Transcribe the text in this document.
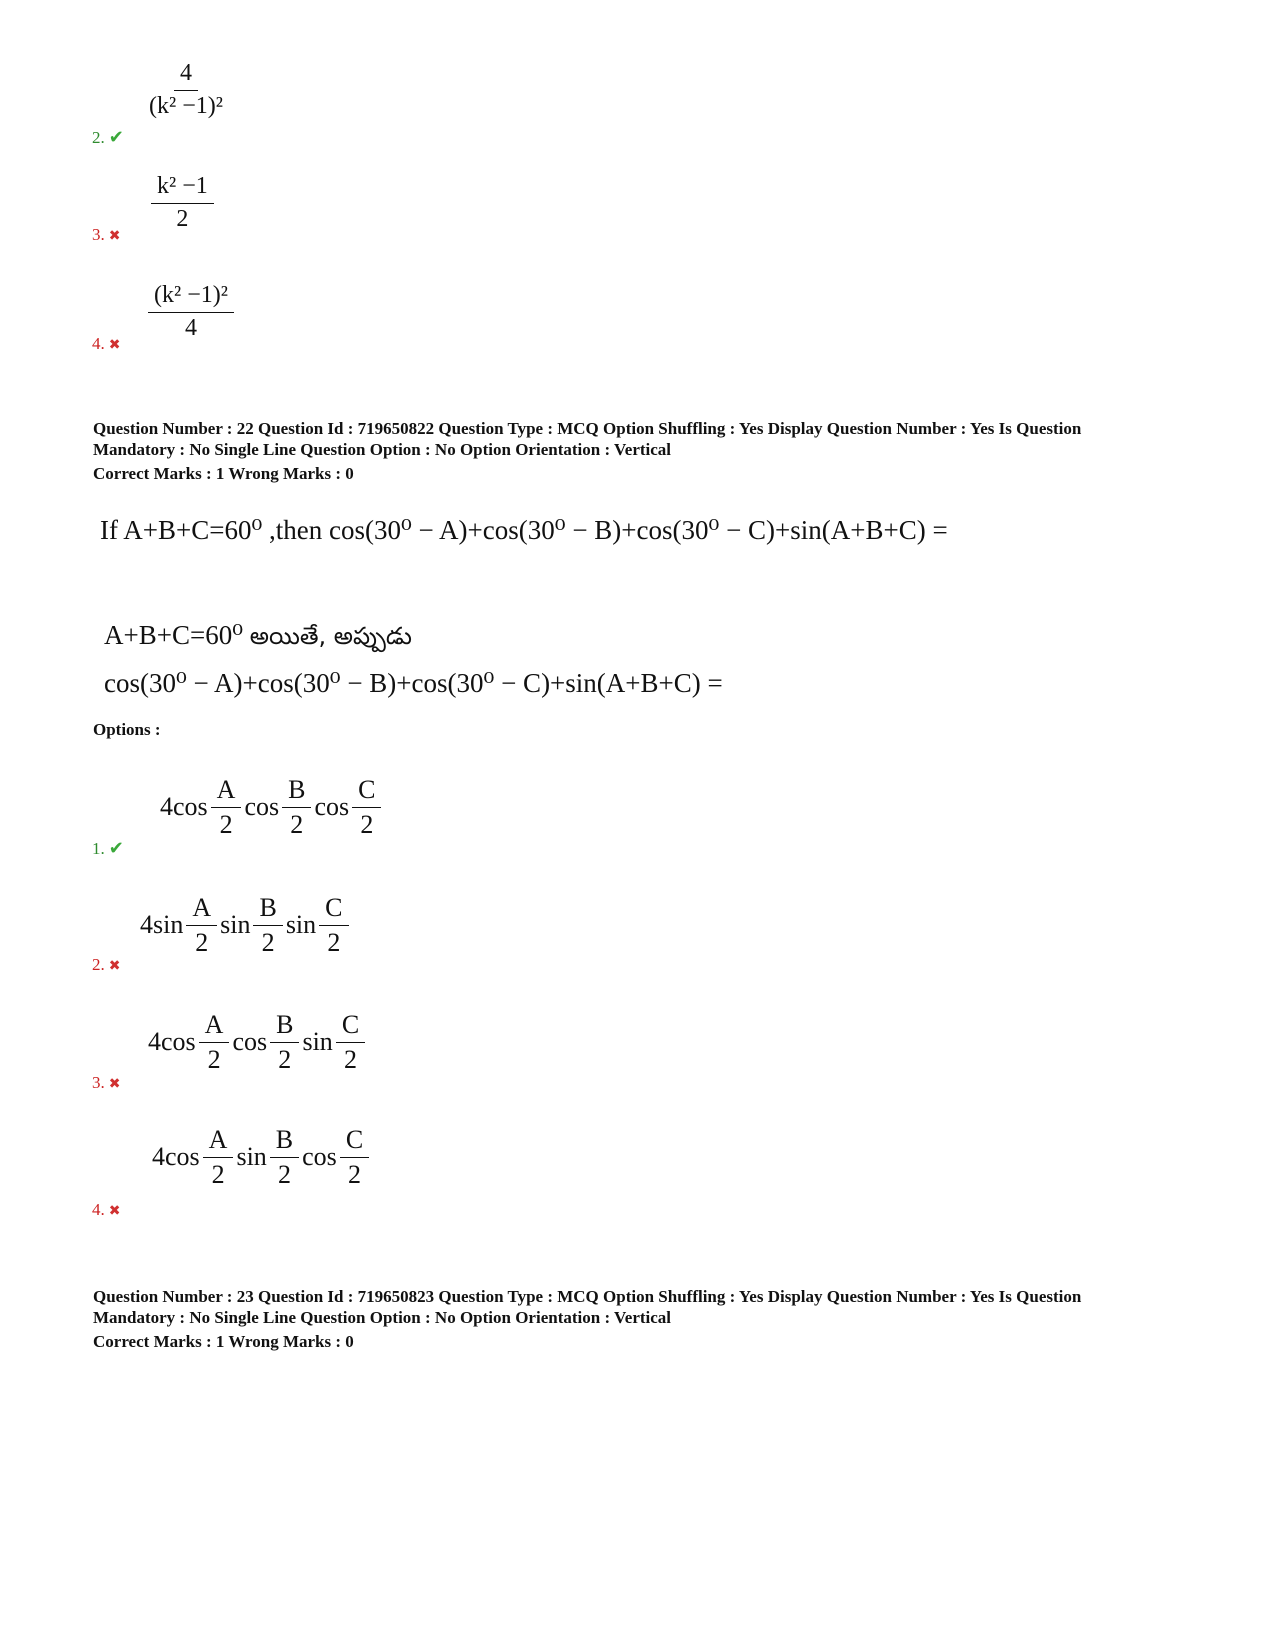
$\frac{4}{\text{(k² −1)²}}$
2. ✔
$\frac{\text{k² −1}}{2}$
3. ✖
$\frac{\text{(k² −1)²}}{4}$
4. ✖
Question Number : 22 Question Id : 719650822 Question Type : MCQ Option Shuffling : Yes Display Question Number : Yes Is Question
Mandatory : No Single Line Question Option : No Option Orientation : Vertical
Correct Marks : 1 Wrong Marks : 0
If A+B+C=60⁰ ,then cos(30⁰ − A)+cos(30⁰ − B)+cos(30⁰ − C)+sin(A+B+C) =
A+B+C=60⁰ అయితే, అప్పుడు
cos(30⁰ − A)+cos(30⁰ − B)+cos(30⁰ − C)+sin(A+B+C) =
Options :
$4\cos \frac{A}{2}$ $\cos \frac{B}{2}$ $\cos \frac{C}{2}$
1. ✔
$4\sin \frac{A}{2}$ $\sin \frac{B}{2}$ $\sin \frac{C}{2}$
2. ✖
$4\cos \frac{A}{2}$ $\cos \frac{B}{2}$ $\sin \frac{C}{2}$
3. ✖
$4\cos \frac{A}{2}$ $\sin \frac{B}{2}$ $\cos \frac{C}{2}$
4. ✖
Question Number : 23 Question Id : 719650823 Question Type : MCQ Option Shuffling : Yes Display Question Number : Yes Is Question
Mandatory : No Single Line Question Option : No Option Orientation : Vertical
Correct Marks : 1 Wrong Marks : 0
